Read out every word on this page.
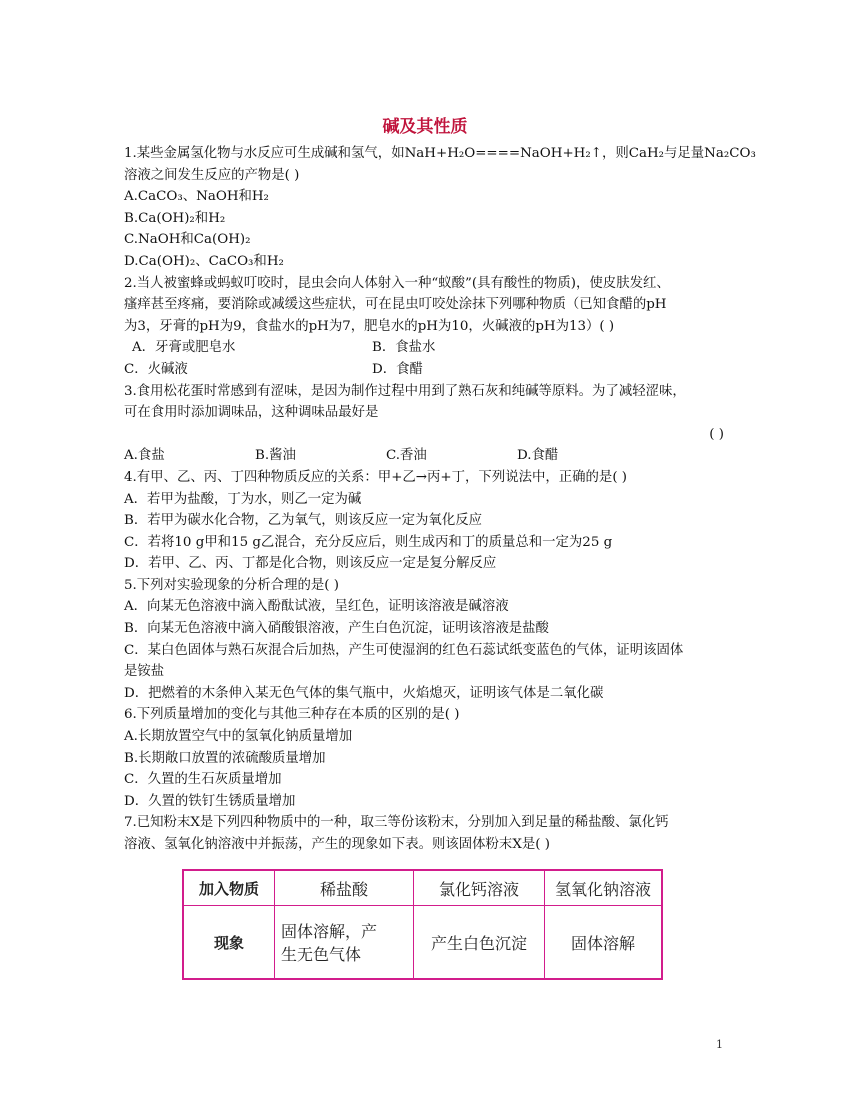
碱及其性质
1.某些金属氢化物与水反应可生成碱和氢气，如NaH+H₂O====NaOH+H₂↑，则CaH₂与足量Na₂CO₃
溶液之间发生反应的产物是( )
A.CaCO₃、NaOH和H₂
B.Ca(OH)₂和H₂
C.NaOH和Ca(OH)₂
D.Ca(OH)₂、CaCO₃和H₂
2.当人被蜜蜂或蚂蚁叮咬时，昆虫会向人体射入一种“蚁酸”(具有酸性的物质)，使皮肤发红、
瘙痒甚至疼痛，要消除或减缓这些症状，可在昆虫叮咬处涂抹下列哪种物质（已知食醋的pH
为3，牙膏的pH为9，食盐水的pH为7，肥皂水的pH为10，火碱液的pH为13）( )
A．牙膏或肥皂水	B．食盐水
C．火碱液	D．食醋
3.食用松花蛋时常感到有涩味，是因为制作过程中用到了熟石灰和纯碱等原料。为了减轻涩味，
可在食用时添加调味品，这种调味品最好是
( )
A.食盐	B.酱油	C.香油	D.食醋
4.有甲、乙、丙、丁四种物质反应的关系：甲+乙→丙+丁，下列说法中，正确的是( )
A．若甲为盐酸，丁为水，则乙一定为碱
B．若甲为碳水化合物，乙为氧气，则该反应一定为氧化反应
C．若将10 g甲和15 g乙混合，充分反应后，则生成丙和丁的质量总和一定为25 g
D．若甲、乙、丙、丁都是化合物，则该反应一定是复分解反应
5.下列对实验现象的分析合理的是( )
A．向某无色溶液中滴入酚酞试液，呈红色，证明该溶液是碱溶液
B．向某无色溶液中滴入硝酸银溶液，产生白色沉淀，证明该溶液是盐酸
C．某白色固体与熟石灰混合后加热，产生可使湿润的红色石蕊试纸变蓝色的气体，证明该固体
是铵盐
D．把燃着的木条伸入某无色气体的集气瓶中，火焰熄灭，证明该气体是二氧化碳
6.下列质量增加的变化与其他三种存在本质的区别的是( )
A.长期放置空气中的氢氧化钠质量增加
B.长期敞口放置的浓硫酸质量增加
C．久置的生石灰质量增加
D．久置的铁钉生锈质量增加
7.已知粉末X是下列四种物质中的一种，取三等份该粉末，分别加入到足量的稀盐酸、氯化钙
溶液、氢氧化钠溶液中并振荡，产生的现象如下表。则该固体粉末X是( )
加入物质	稀盐酸	氯化钙溶液	氢氧化钠溶液
现象	固体溶解，产
生无色气体	产生白色沉淀	固体溶解
1
